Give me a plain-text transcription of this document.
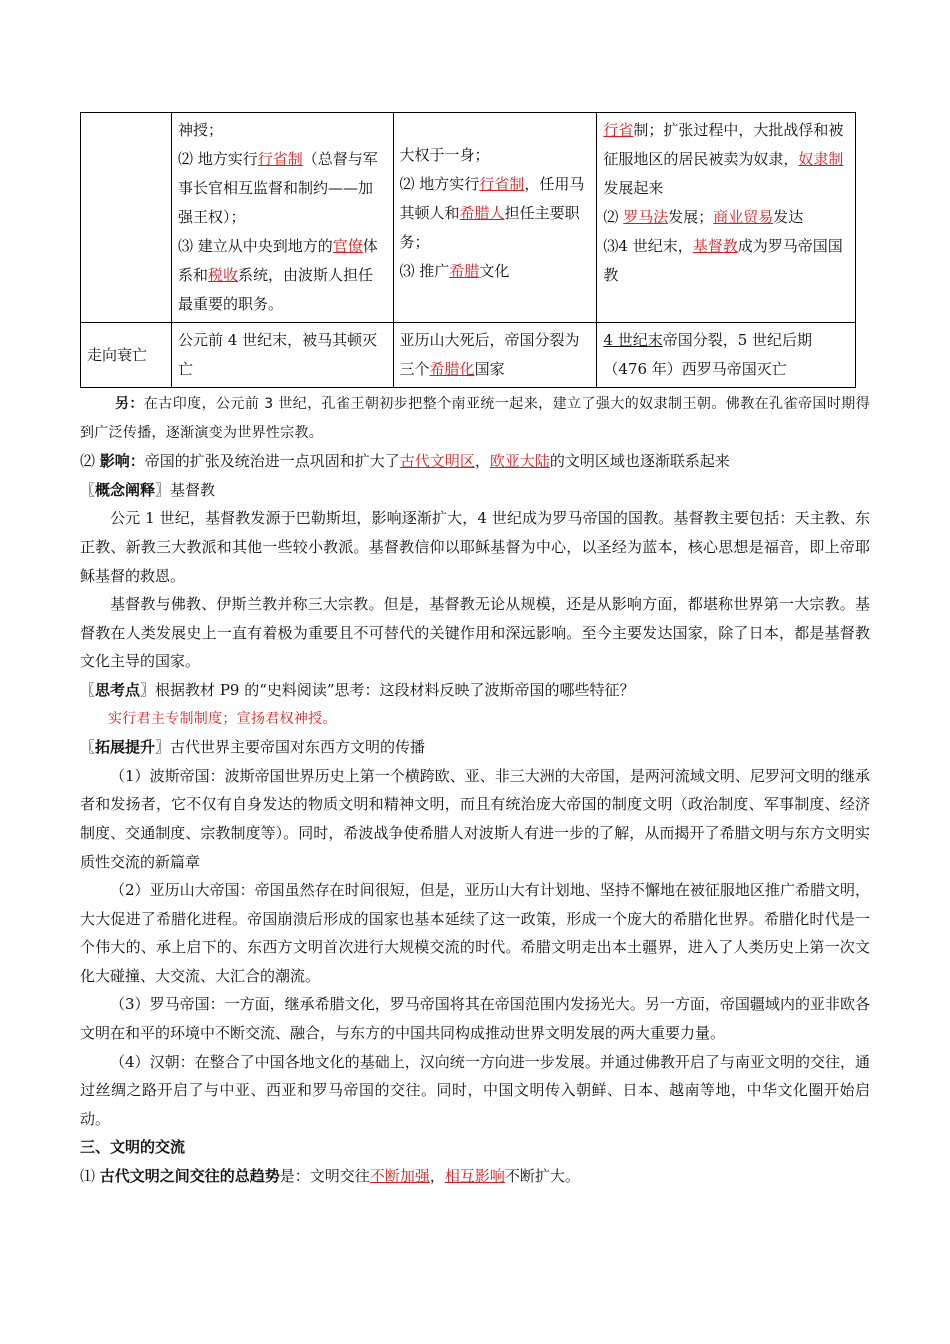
	神授；
⑵ 地方实行行省制（总督与军事长官相互监督和制约——加强王权）；
⑶ 建立从中央到地方的官僚体系和税收系统，由波斯人担任最重要的职务。	大权于一身；
⑵ 地方实行行省制，任用马其顿人和希腊人担任主要职务；
⑶ 推广希腊文化	行省制；扩张过程中，大批战俘和被征服地区的居民被卖为奴隶，奴隶制发展起来
⑵ 罗马法发展；商业贸易发达
⑶4 世纪末，基督教成为罗马帝国国教
走向衰亡	公元前 4 世纪末，被马其顿灭亡	亚历山大死后，帝国分裂为三个希腊化国家	4 世纪末帝国分裂，5 世纪后期（476 年）西罗马帝国灭亡

另：在古印度，公元前 3 世纪，孔雀王朝初步把整个南亚统一起来，建立了强大的奴隶制王朝。佛教在孔雀帝国时期得到广泛传播，逐渐演变为世界性宗教。

⑵ 影响：帝国的扩张及统治进一点巩固和扩大了古代文明区，欧亚大陆的文明区域也逐渐联系起来

〖概念阐释〗基督教

公元 1 世纪，基督教发源于巴勒斯坦，影响逐渐扩大，4 世纪成为罗马帝国的国教。基督教主要包括：天主教、东正教、新教三大教派和其他一些较小教派。基督教信仰以耶稣基督为中心，以圣经为蓝本，核心思想是福音，即上帝耶稣基督的救恩。

基督教与佛教、伊斯兰教并称三大宗教。但是，基督教无论从规模，还是从影响方面，都堪称世界第一大宗教。基督教在人类发展史上一直有着极为重要且不可替代的关键作用和深远影响。至今主要发达国家，除了日本，都是基督教文化主导的国家。

〖思考点〗根据教材 P9 的“史料阅读”思考：这段材料反映了波斯帝国的哪些特征？

实行君主专制制度；宣扬君权神授。

〖拓展提升〗古代世界主要帝国对东西方文明的传播

（1）波斯帝国：波斯帝国世界历史上第一个横跨欧、亚、非三大洲的大帝国，是两河流域文明、尼罗河文明的继承者和发扬者，它不仅有自身发达的物质文明和精神文明，而且有统治庞大帝国的制度文明（政治制度、军事制度、经济制度、交通制度、宗教制度等）。同时，希波战争使希腊人对波斯人有进一步的了解，从而揭开了希腊文明与东方文明实质性交流的新篇章

（2）亚历山大帝国：帝国虽然存在时间很短，但是，亚历山大有计划地、坚持不懈地在被征服地区推广希腊文明，大大促进了希腊化进程。帝国崩溃后形成的国家也基本延续了这一政策，形成一个庞大的希腊化世界。希腊化时代是一个伟大的、承上启下的、东西方文明首次进行大规模交流的时代。希腊文明走出本土疆界，进入了人类历史上第一次文化大碰撞、大交流、大汇合的潮流。

（3）罗马帝国：一方面，继承希腊文化，罗马帝国将其在帝国范围内发扬光大。另一方面，帝国疆域内的亚非欧各文明在和平的环境中不断交流、融合，与东方的中国共同构成推动世界文明发展的两大重要力量。

（4）汉朝：在整合了中国各地文化的基础上，汉向统一方向进一步发展。并通过佛教开启了与南亚文明的交往，通过丝绸之路开启了与中亚、西亚和罗马帝国的交往。同时，中国文明传入朝鲜、日本、越南等地，中华文化圈开始启动。

三、文明的交流

⑴ 古代文明之间交往的总趋势是：文明交往不断加强，相互影响不断扩大。
